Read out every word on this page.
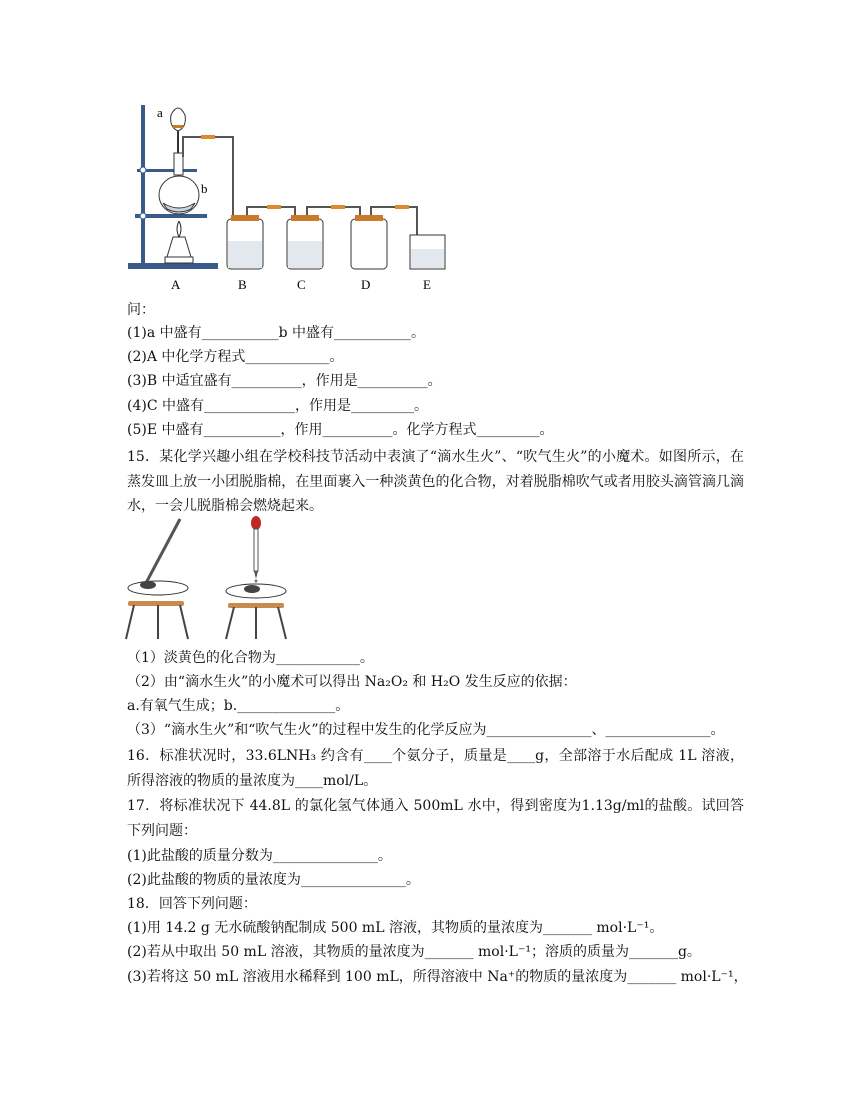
a
b
A	B	C	D	E
问：
(1)a 中盛有___________b 中盛有___________。
(2)A 中化学方程式____________。
(3)B 中适宜盛有__________，作用是__________。
(4)C 中盛有_____________，作用是_________。
(5)E 中盛有___________，作用__________。化学方程式_________。
15．某化学兴趣小组在学校科技节活动中表演了“滴水生火”、“吹气生火”的小魔术。如图所示，在蒸发皿上放一小团脱脂棉，在里面裹入一种淡黄色的化合物，对着脱脂棉吹气或者用胶头滴管滴几滴水，一会儿脱脂棉会燃烧起来。
（1）淡黄色的化合物为____________。
（2）由“滴水生火”的小魔术可以得出 Na₂O₂ 和 H₂O 发生反应的依据：
a.有氧气生成；b.______________。
（3）“滴水生火”和“吹气生火”的过程中发生的化学反应为_______________、_______________。
16．标准状况时，33.6LNH₃ 约含有____个氨分子，质量是____g，全部溶于水后配成 1L 溶液，所得溶液的物质的量浓度为____mol/L。
17．将标准状况下 44.8L 的氯化氢气体通入 500mL 水中，得到密度为1.13g/ml的盐酸。试回答下列问题：
(1)此盐酸的质量分数为_______________。
(2)此盐酸的物质的量浓度为_______________。
18．回答下列问题：
(1)用 14.2 g 无水硫酸钠配制成 500 mL 溶液，其物质的量浓度为_______ mol·L⁻¹。
(2)若从中取出 50 mL 溶液，其物质的量浓度为_______ mol·L⁻¹；溶质的质量为_______g。
(3)若将这 50 mL 溶液用水稀释到 100 mL，所得溶液中 Na⁺的物质的量浓度为_______ mol·L⁻¹，
